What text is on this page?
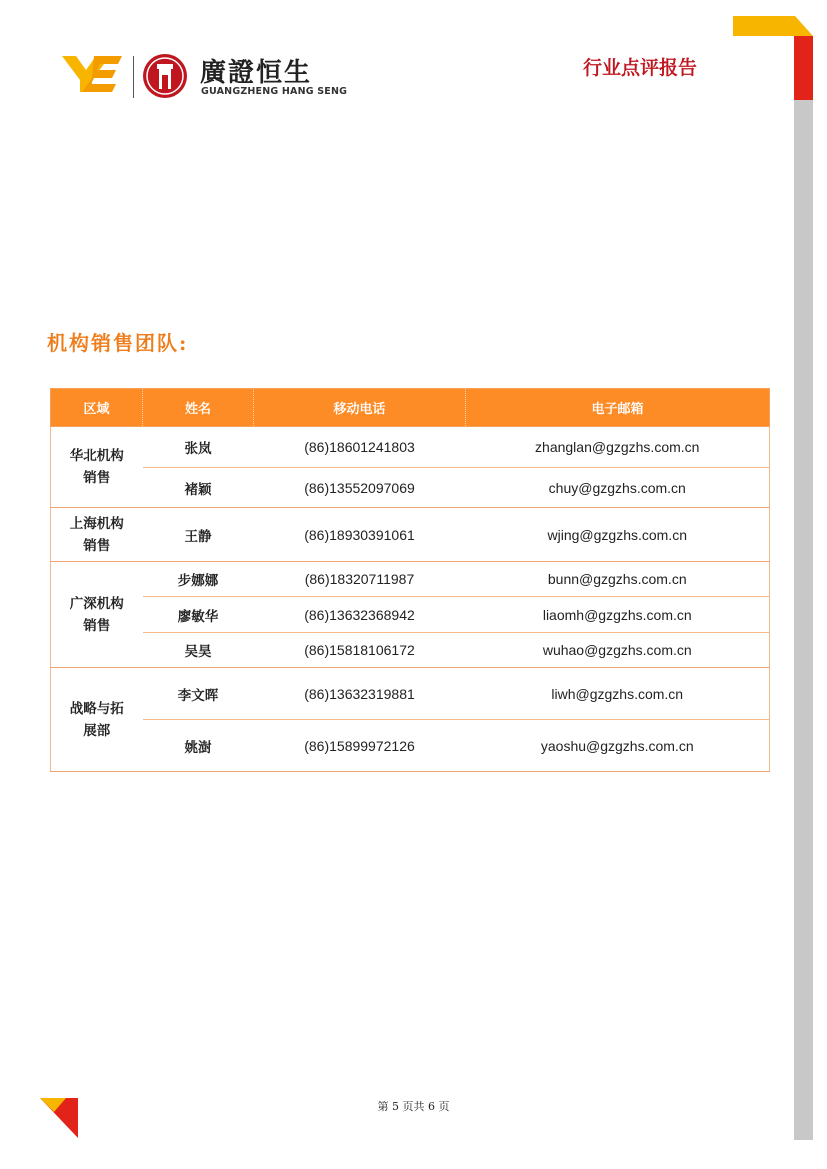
廣證恒生
GUANGZHENG HANG SENG
行业点评报告
机构销售团队:
区域	姓名	移动电话	电子邮箱

华北机构
销售	张岚	(86)18601241803	zhanglan@gzgzhs.com.cn
	褚颖	(86)13552097069	chuy@gzgzhs.com.cn

上海机构
销售	王静	(86)18930391061	wjing@gzgzhs.com.cn

广深机构
销售	步娜娜	(86)18320711987	bunn@gzgzhs.com.cn
	廖敏华	(86)13632368942	liaomh@gzgzhs.com.cn
	吴昊	(86)15818106172	wuhao@gzgzhs.com.cn

战略与拓
展部	李文晖	(86)13632319881	liwh@gzgzhs.com.cn
	姚澍	(86)15899972126	yaoshu@gzgzhs.com.cn
第 5 页共 6 页
